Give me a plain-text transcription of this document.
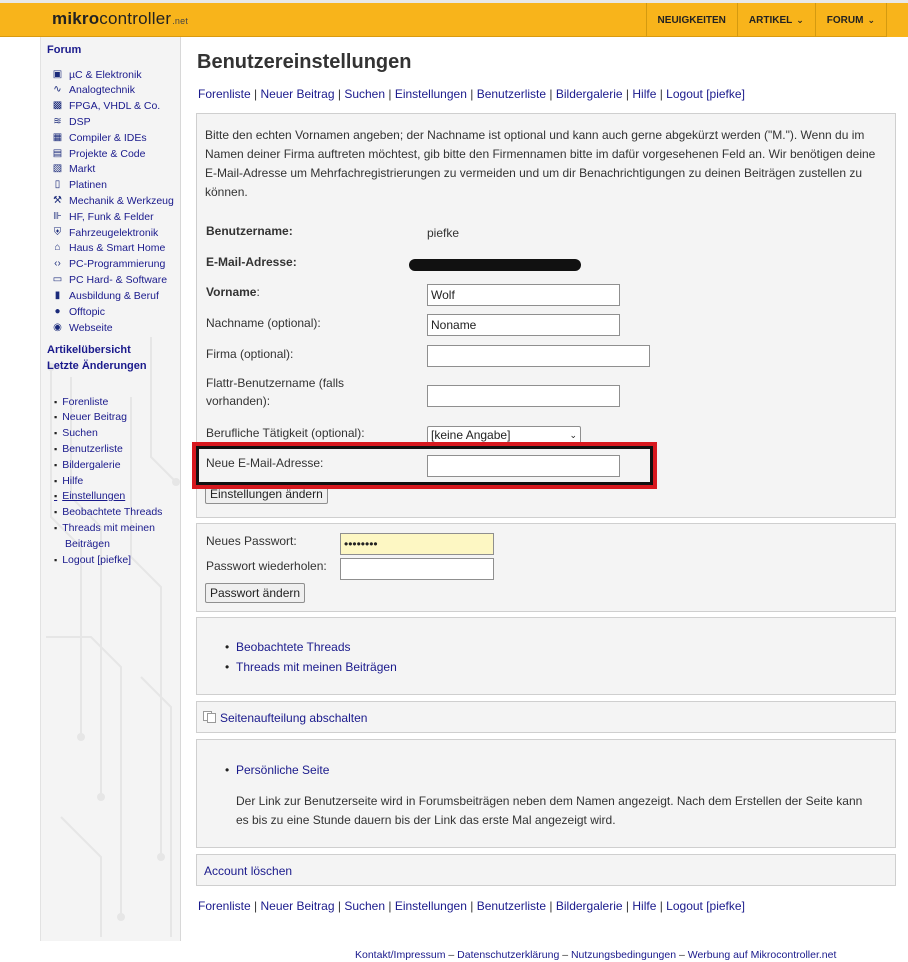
mikrocontroller.net	NEUIGKEITEN ARTIKEL ⌄ FORUM ⌄
Forum
▣ µC & Elektronik
∿ Analogtechnik
▩ FPGA, VHDL & Co.
≋ DSP
▦ Compiler & IDEs
▤ Projekte & Code
▧ Markt
▯ Platinen
⚒ Mechanik & Werkzeug
⊪ HF, Funk & Felder
⛨ Fahrzeugelektronik
⌂ Haus & Smart Home
‹› PC-Programmierung
▭ PC Hard- & Software
▮ Ausbildung & Beruf
● Offtopic
◉ Webseite
Artikelübersicht
Letzte Änderungen
▪ Forenliste
▪ Neuer Beitrag
▪ Suchen
▪ Benutzerliste
▪ Bildergalerie
▪ Hilfe
▪ Einstellungen
▪ Beobachtete Threads
▪ Threads mit meinen
Beiträgen
▪ Logout [piefke]
Benutzereinstellungen
Forenliste | Neuer Beitrag | Suchen | Einstellungen | Benutzerliste | Bildergalerie | Hilfe | Logout [piefke]
Bitte den echten Vornamen angeben; der Nachname ist optional und kann auch gerne abgekürzt werden ("M."). Wenn du im Namen deiner Firma auftreten möchtest, gib bitte den Firmennamen bitte im dafür vorgesehenen Feld an. Wir benötigen deine E-Mail-Adresse um Mehrfachregistrierungen zu vermeiden und um dir Benachrichtigungen zu deinen Beiträgen zustellen zu können.
Benutzername:	piefke
E-Mail-Adresse:
Vorname:
Wolf
Nachname (optional):
Noname
Firma (optional):
Flattr-Benutzername (falls
vorhanden):
Berufliche Tätigkeit (optional):	[keine Angabe]	⌄
Neue E-Mail-Adresse:
Einstellungen ändern
Neues Passwort:
••••••••
Passwort wiederholen:
Passwort ändern
• Beobachtete Threads
• Threads mit meinen Beiträgen
Seitenaufteilung abschalten
• Persönliche Seite
Der Link zur Benutzerseite wird in Forumsbeiträgen neben dem Namen angezeigt. Nach dem Erstellen der Seite kann
es bis zu eine Stunde dauern bis der Link das erste Mal angezeigt wird.
Account löschen
Forenliste | Neuer Beitrag | Suchen | Einstellungen | Benutzerliste | Bildergalerie | Hilfe | Logout [piefke]
Kontakt/Impressum – Datenschutzerklärung – Nutzungsbedingungen – Werbung auf Mikrocontroller.net
